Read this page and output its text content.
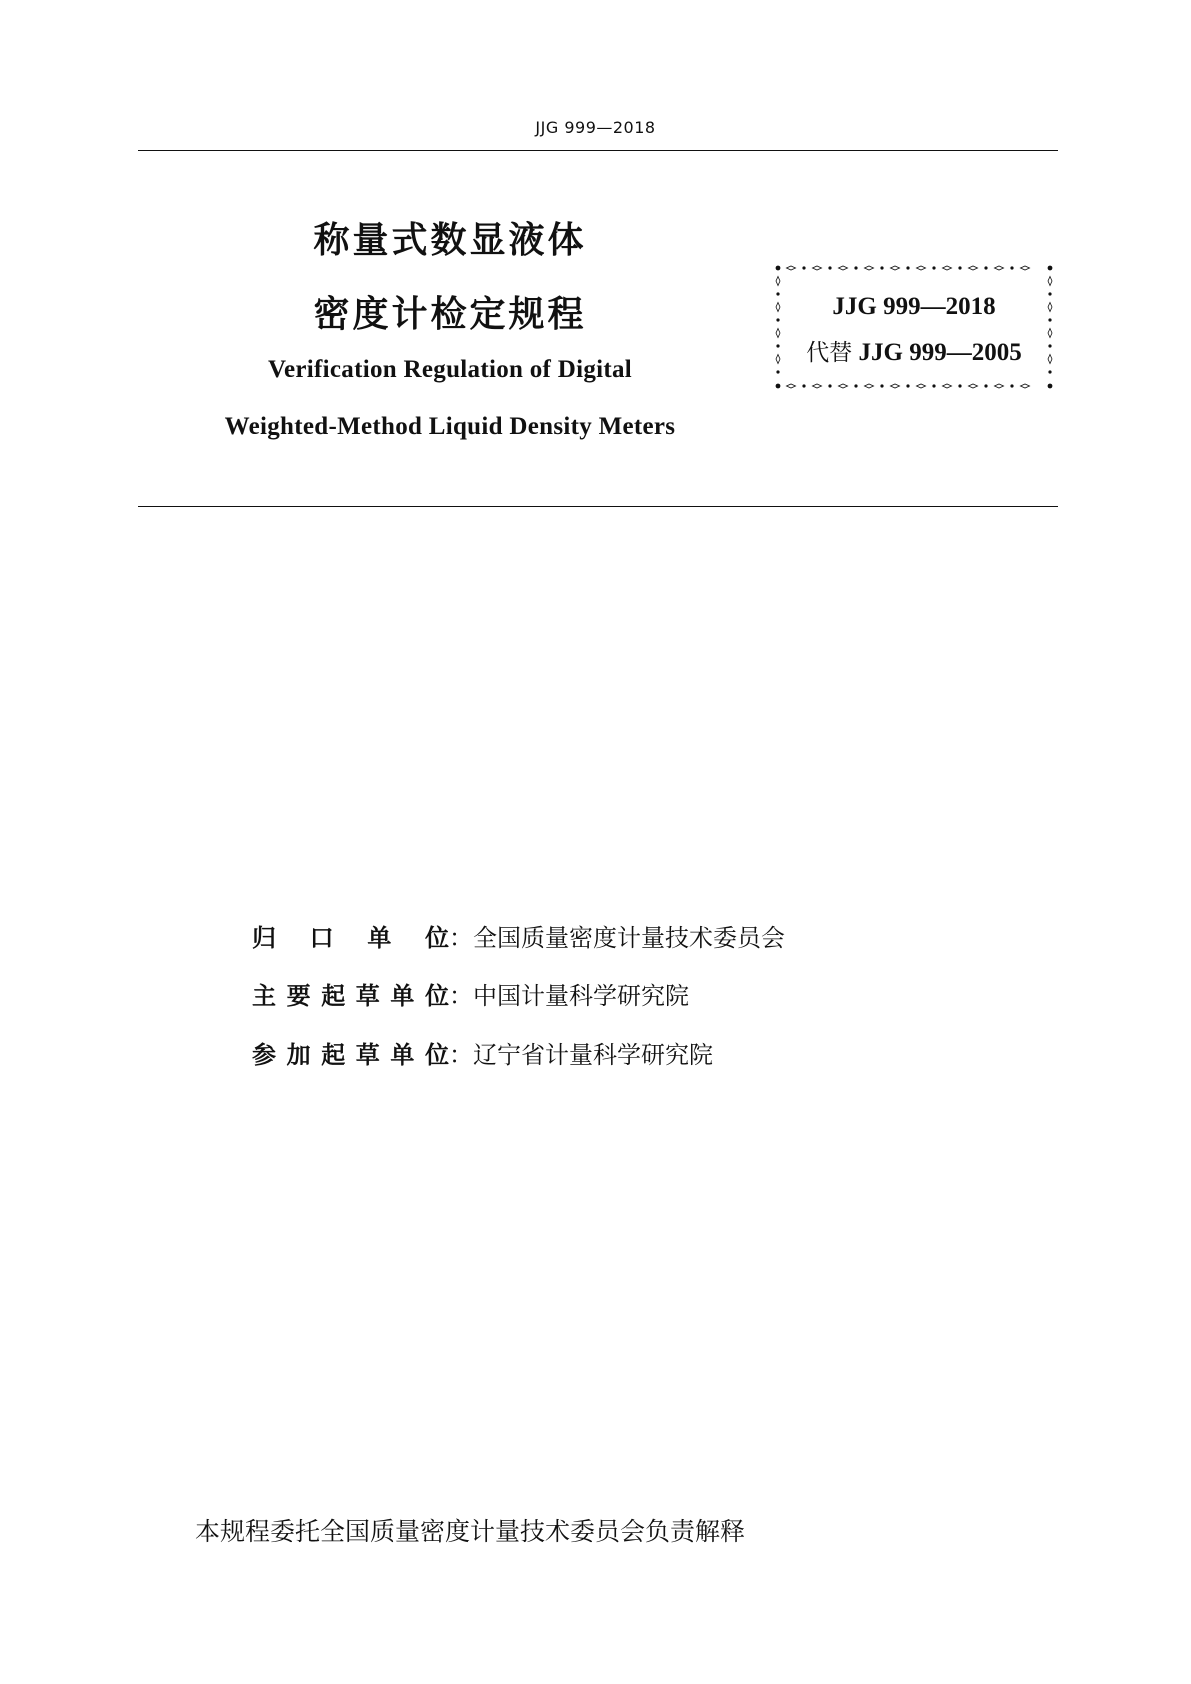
JJG 999—2018
称量式数显液体
密度计检定规程
Verification Regulation of Digital
Weighted-Method Liquid Density Meters
JJG 999—2018
代替 JJG 999—2005
归口单位：全国质量密度计量技术委员会
主要起草单位：中国计量科学研究院
参加起草单位：辽宁省计量科学研究院
本规程委托全国质量密度计量技术委员会负责解释
